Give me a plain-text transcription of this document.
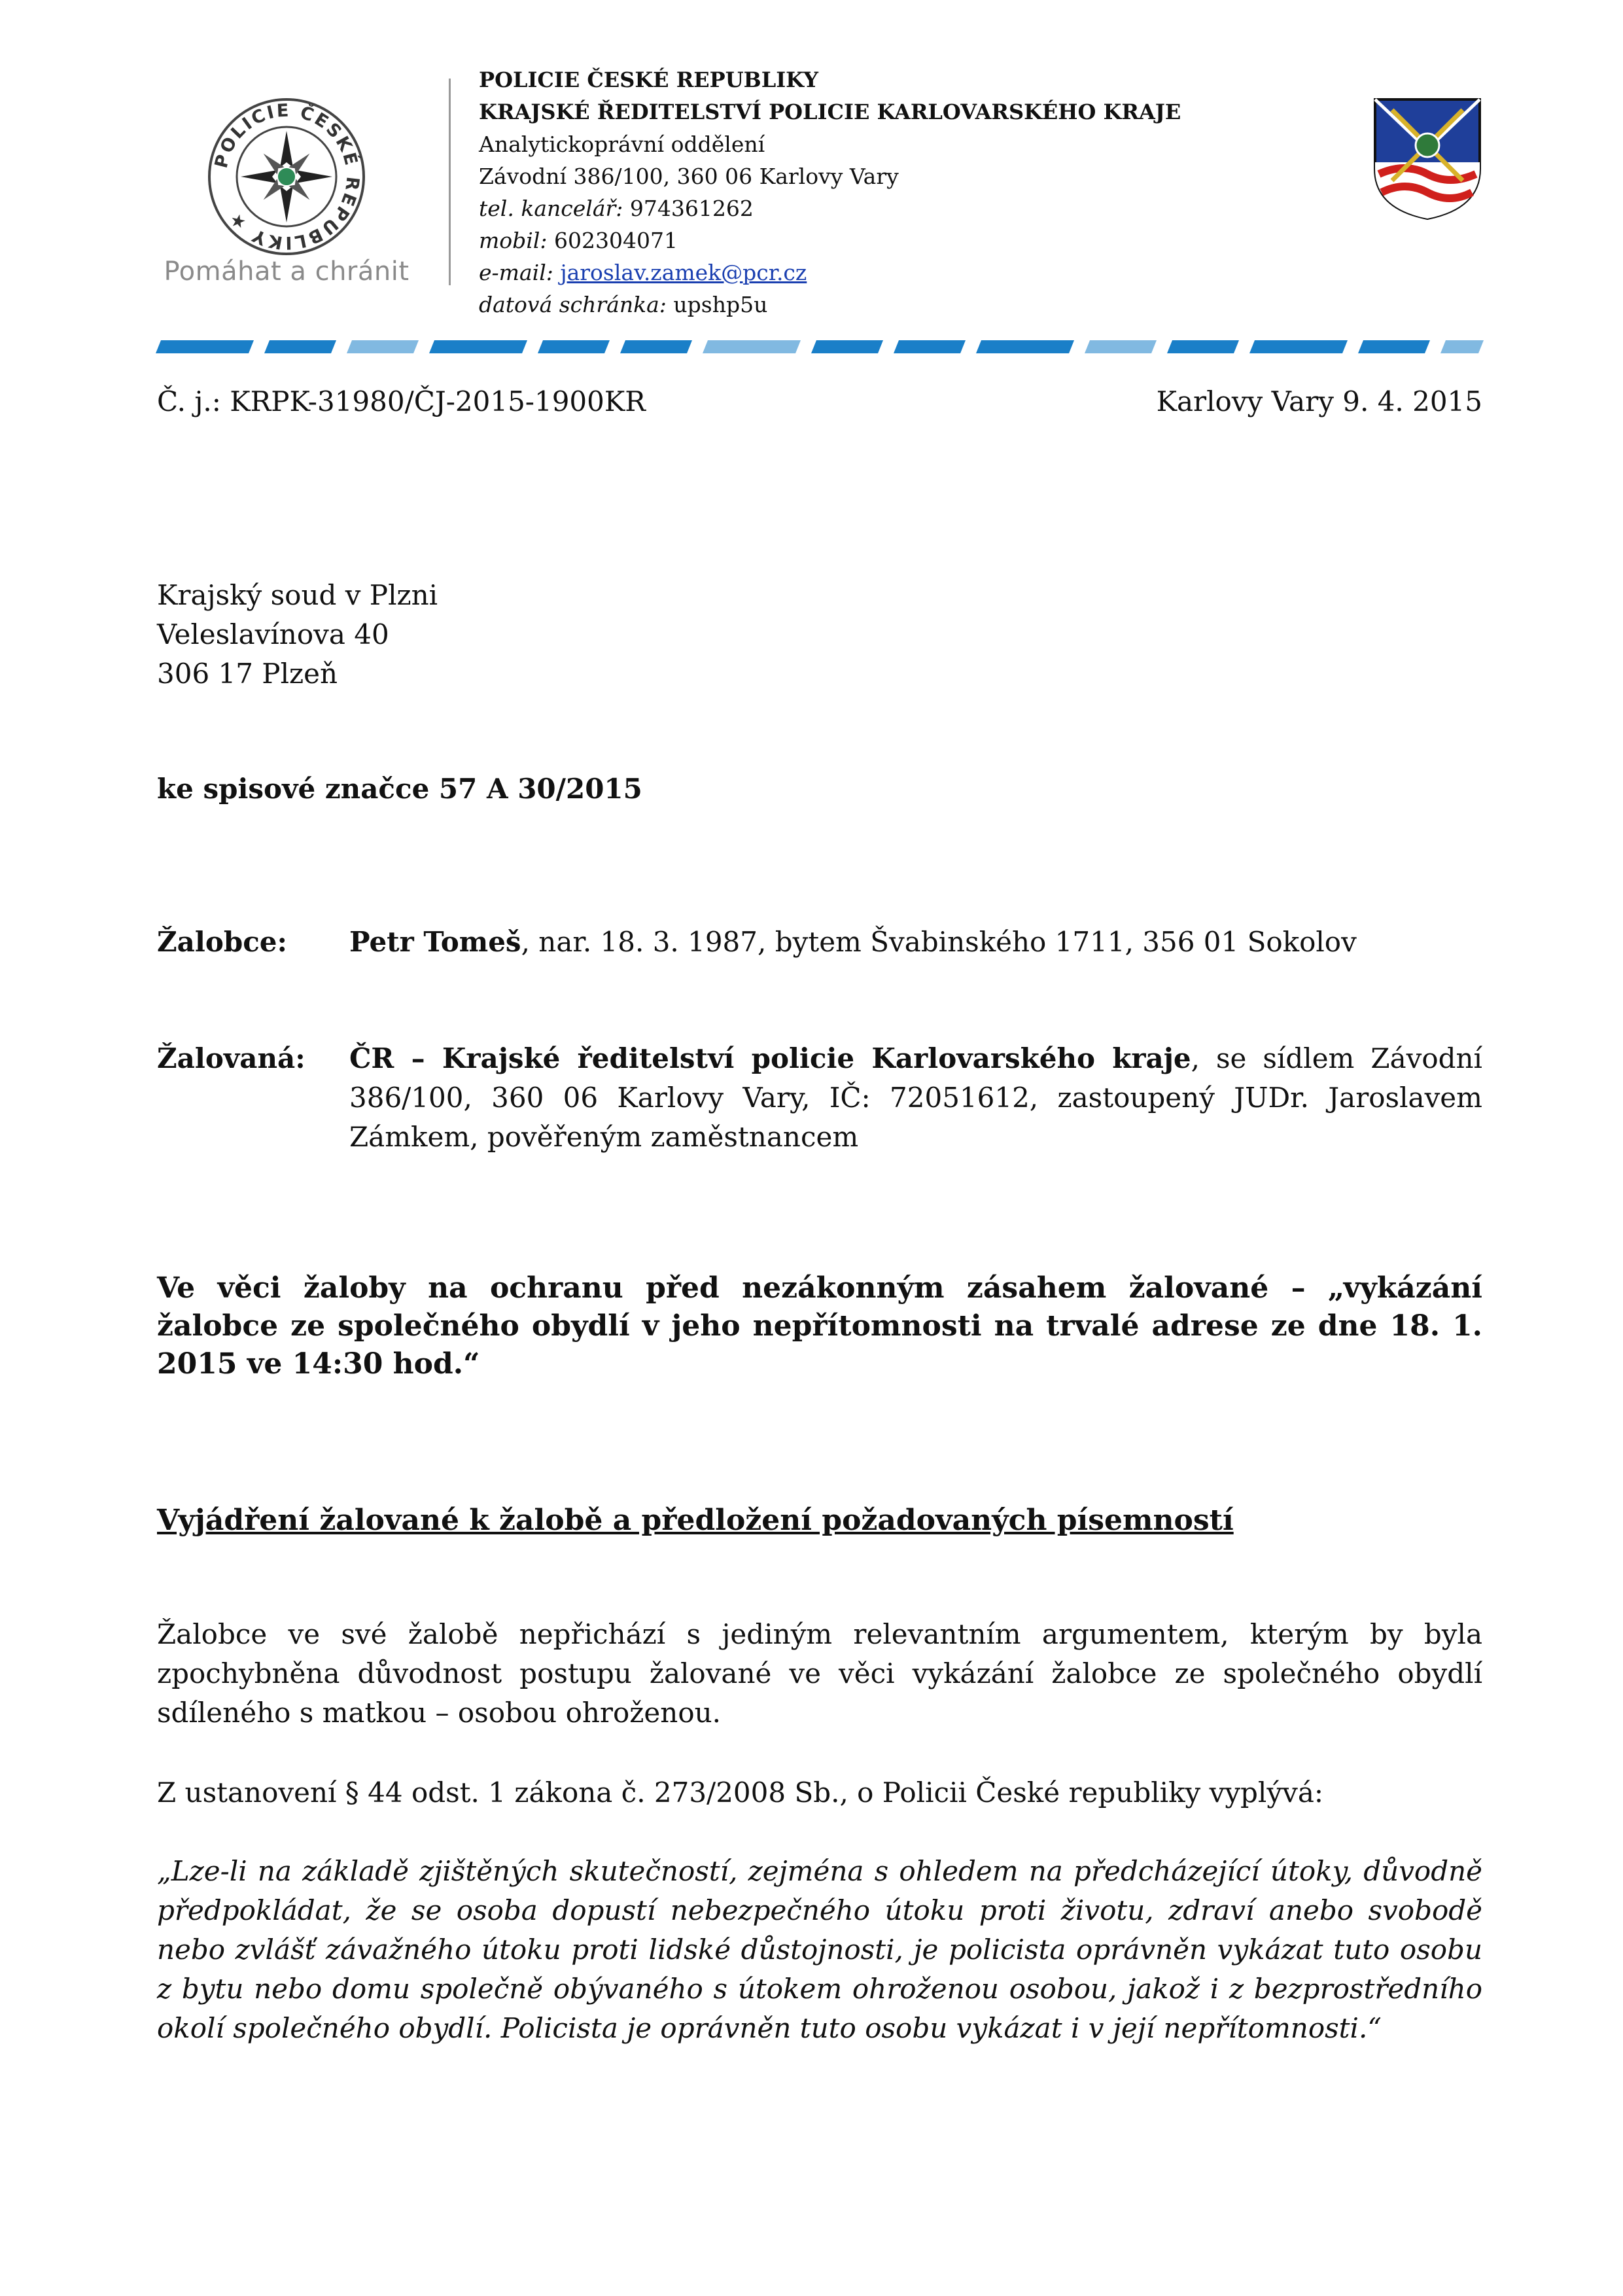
POLICIE ČESKÉ REPUBLIKY ★
Pomáhat a chránit
POLICIE ČESKÉ REPUBLIKY
KRAJSKÉ ŘEDITELSTVÍ POLICIE KARLOVARSKÉHO KRAJE
Analytickoprávní oddělení
Závodní 386/100, 360 06 Karlovy Vary
tel. kancelář: 974361262
mobil: 602304071
e-mail: jaroslav.zamek@pcr.cz
datová schránka: upshp5u
Č. j.: KRPK-31980/ČJ-2015-1900KR	Karlovy Vary 9. 4. 2015
Krajský soud v Plzni
Veleslavínova 40
306 17 Plzeň
ke spisové značce 57 A 30/2015
Žalobce: Petr Tomeš, nar. 18. 3. 1987, bytem Švabinského 1711, 356 01 Sokolov
Žalovaná: ČR – Krajské ředitelství policie Karlovarského kraje, se sídlem Závodní 386/100, 360 06 Karlovy Vary, IČ: 72051612, zastoupený JUDr. Jaroslavem Zámkem, pověřeným zaměstnancem
Ve věci žaloby na ochranu před nezákonným zásahem žalované – „vykázání žalobce ze společného obydlí v jeho nepřítomnosti na trvalé adrese ze dne 18. 1. 2015 ve 14:30 hod.“
Vyjádření žalované k žalobě a předložení požadovaných písemností
Žalobce ve své žalobě nepřichází s jediným relevantním argumentem, kterým by byla zpochybněna důvodnost postupu žalované ve věci vykázání žalobce ze společného obydlí sdíleného s matkou – osobou ohroženou.
Z ustanovení § 44 odst. 1 zákona č. 273/2008 Sb., o Policii České republiky vyplývá:
„Lze-li na základě zjištěných skutečností, zejména s ohledem na předcházející útoky, důvodně předpokládat, že se osoba dopustí nebezpečného útoku proti životu, zdraví anebo svobodě nebo zvlášť závažného útoku proti lidské důstojnosti, je policista oprávněn vykázat tuto osobu z bytu nebo domu společně obývaného s útokem ohroženou osobou, jakož i z bezprostředního okolí společného obydlí. Policista je oprávněn tuto osobu vykázat i v její nepřítomnosti.“
